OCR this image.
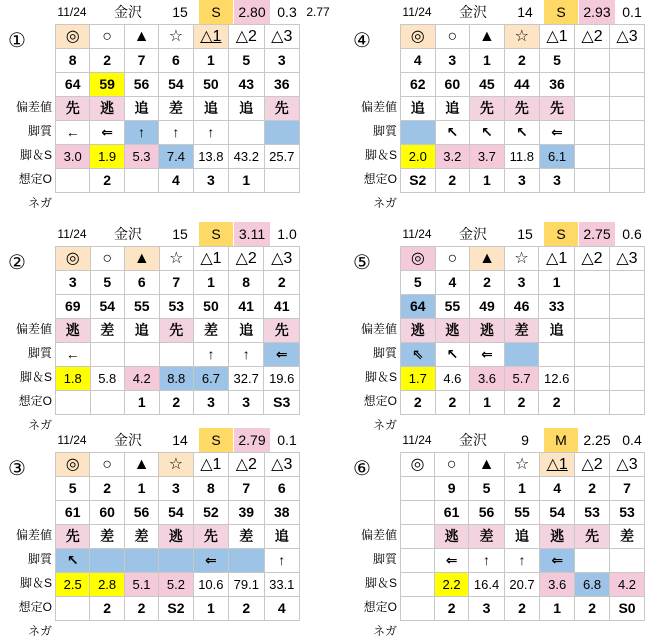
11/24 金沢	15	S	2.80 0.3 2.77
①
偏差値
脚質
脚＆S
想定O
ネガ
◎	○	▲	☆	△1	△2	△3
8	2	7	6	1	5	3
64	59	56	54	50	43	36
先	逃	追	差	追	追	先
←	⇐	↑	↑	↑		
3.0	1.9	5.3	7.4	13.8	43.2	25.7
	2		4	3	1	
11/24 金沢	14	S	2.93 0.1
④
偏差値
脚質
脚＆S
想定O
ネガ
◎	○	▲	☆	△1	△2	△3
4	3	1	2	5		
62	60	45	44	36		
追	追	先	先	先		
	↖	↖	↖	⇐		
2.0	3.2	3.7	11.8	6.1		
S2	2	1	3	3		
11/24 金沢	15	S	3.11 1.0
②
偏差値
脚質
脚＆S
想定O
ネガ
◎	○	▲	☆	△1	△2	△3
3	5	6	7	1	8	2
69	54	55	53	50	41	41
逃	差	追	先	差	追	先
←				↑	↑	⇐
1.8	5.8	4.2	8.8	6.7	32.7	19.6
		1	2	3	3	S3
11/24 金沢	15	S	2.75 0.6
⑤
偏差値
脚質
脚＆S
想定O
ネガ
◎	○	▲	☆	△1	△2	△3
5	4	2	3	1		
64	55	49	46	33		
逃	逃	逃	差	追		
⇖	↖	⇐				
1.7	4.6	3.6	5.7	12.6		
2	2	1	2	2		
11/24 金沢	14	S	2.79 0.1
③
偏差値
脚質
脚＆S
想定O
ネガ
◎	○	▲	☆	△1	△2	△3
5	2	1	3	8	7	6
61	60	56	54	52	39	38
先	差	差	逃	先	差	追
↖				⇐		↑
2.5	2.8	5.1	5.2	10.6	79.1	33.1
	2	2	S2	1	2	4
11/24 金沢	9	M	2.25 0.4
⑥
偏差値
脚質
脚＆S
想定O
ネガ
◎	○	▲	☆	△1	△2	△3
	9	5	1	4	2	7
	61	56	55	54	53	53
	逃	差	追	逃	先	差
	⇐	↑	↑	⇐		
	2.2	16.4	20.7	3.6	6.8	4.2
	2	3	2	1	2	S0
